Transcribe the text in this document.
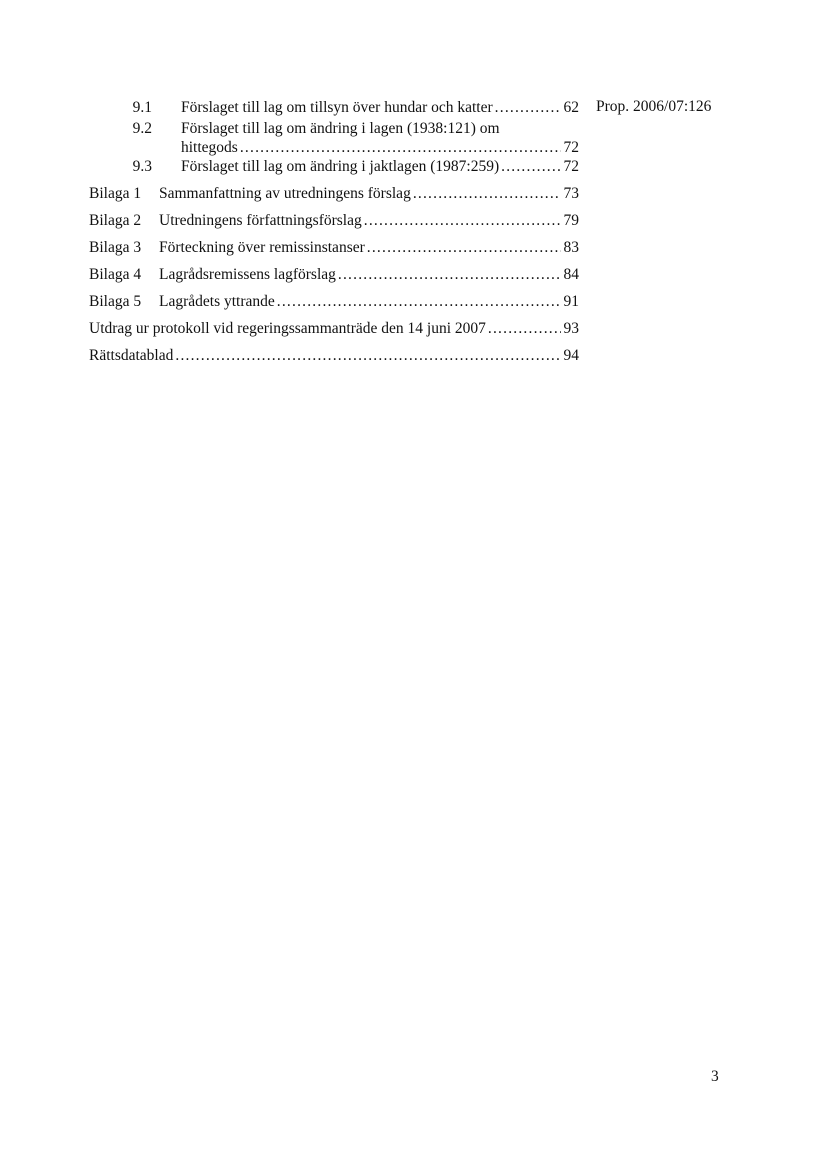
Prop. 2006/07:126
9.1	Förslaget till lag om tillsyn över hundar och katter .....	62
9.2	Förslaget till lag om ändring i lagen (1938:121) om
hittegods .....	72
9.3	Förslaget till lag om ändring i jaktlagen (1987:259) .....	72
Bilaga 1	Sammanfattning av utredningens förslag .....	73
Bilaga 2	Utredningens författningsförslag .....	79
Bilaga 3	Förteckning över remissinstanser .....	83
Bilaga 4	Lagrådsremissens lagförslag .....	84
Bilaga 5	Lagrådets yttrande .....	91
Utdrag ur protokoll vid regeringssammanträde den 14 juni 2007 .....	93
Rättsdatablad .....	94
3
